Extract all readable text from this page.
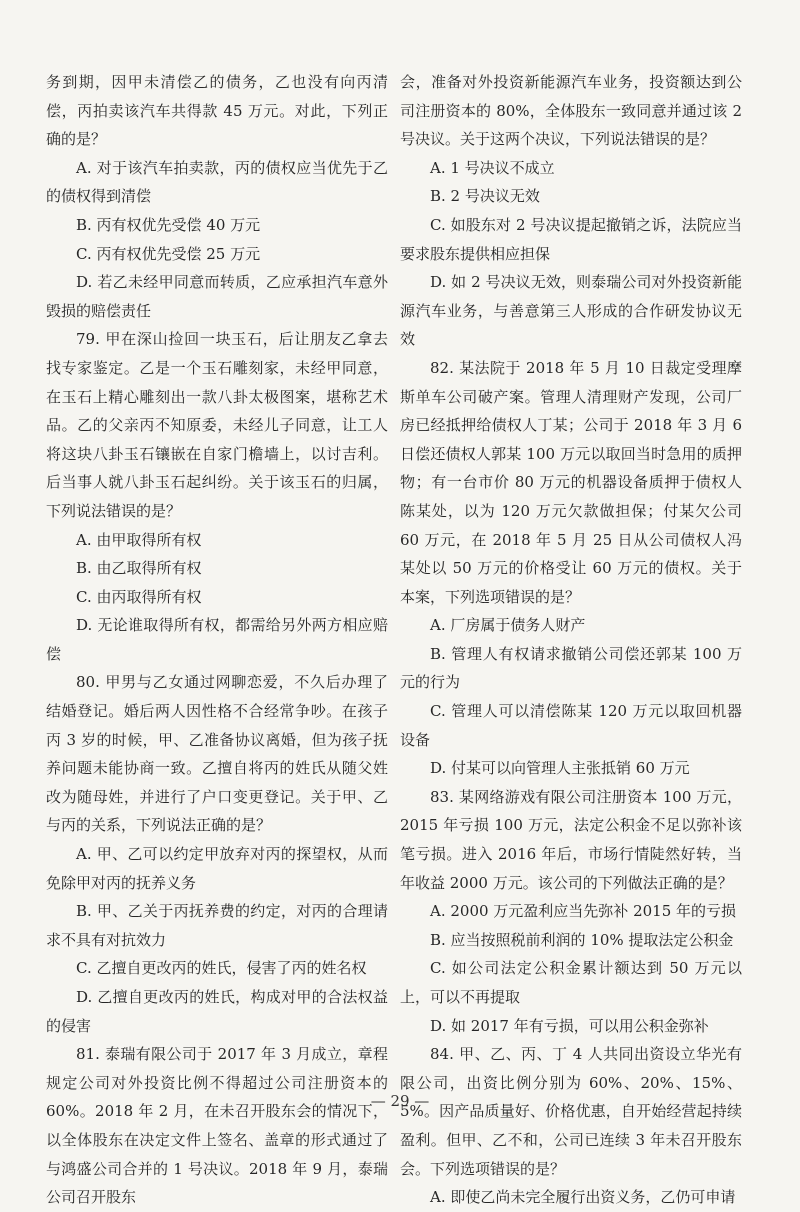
务到期，因甲未清偿乙的债务，乙也没有向丙清偿，丙拍卖该汽车共得款 45 万元。对此，下列正确的是？

A. 对于该汽车拍卖款，丙的债权应当优先于乙的债权得到清偿

B. 丙有权优先受偿 40 万元

C. 丙有权优先受偿 25 万元

D. 若乙未经甲同意而转质，乙应承担汽车意外毁损的赔偿责任

79. 甲在深山捡回一块玉石，后让朋友乙拿去找专家鉴定。乙是一个玉石雕刻家，未经甲同意，在玉石上精心雕刻出一款八卦太极图案，堪称艺术品。乙的父亲丙不知原委，未经儿子同意，让工人将这块八卦玉石镶嵌在自家门檐墙上，以讨吉利。后当事人就八卦玉石起纠纷。关于该玉石的归属，下列说法错误的是？

A. 由甲取得所有权

B. 由乙取得所有权

C. 由丙取得所有权

D. 无论谁取得所有权，都需给另外两方相应赔偿

80. 甲男与乙女通过网聊恋爱，不久后办理了结婚登记。婚后两人因性格不合经常争吵。在孩子丙 3 岁的时候，甲、乙准备协议离婚，但为孩子抚养问题未能协商一致。乙擅自将丙的姓氏从随父姓改为随母姓，并进行了户口变更登记。关于甲、乙与丙的关系，下列说法正确的是？

A. 甲、乙可以约定甲放弃对丙的探望权，从而免除甲对丙的抚养义务

B. 甲、乙关于丙抚养费的约定，对丙的合理请求不具有对抗效力

C. 乙擅自更改丙的姓氏，侵害了丙的姓名权

D. 乙擅自更改丙的姓氏，构成对甲的合法权益的侵害

81. 泰瑞有限公司于 2017 年 3 月成立，章程规定公司对外投资比例不得超过公司注册资本的 60%。2018 年 2 月，在未召开股东会的情况下，以全体股东在决定文件上签名、盖章的形式通过了与鸿盛公司合并的 1 号决议。2018 年 9 月，泰瑞公司召开股东

会，准备对外投资新能源汽车业务，投资额达到公司注册资本的 80%，全体股东一致同意并通过该 2 号决议。关于这两个决议，下列说法错误的是？

A. 1 号决议不成立

B. 2 号决议无效

C. 如股东对 2 号决议提起撤销之诉，法院应当要求股东提供相应担保

D. 如 2 号决议无效，则泰瑞公司对外投资新能源汽车业务，与善意第三人形成的合作研发协议无效

82. 某法院于 2018 年 5 月 10 日裁定受理摩斯单车公司破产案。管理人清理财产发现，公司厂房已经抵押给债权人丁某；公司于 2018 年 3 月 6 日偿还债权人郭某 100 万元以取回当时急用的质押物；有一台市价 80 万元的机器设备质押于债权人陈某处，以为 120 万元欠款做担保；付某欠公司 60 万元，在 2018 年 5 月 25 日从公司债权人冯某处以 50 万元的价格受让 60 万元的债权。关于本案，下列选项错误的是？

A. 厂房属于债务人财产

B. 管理人有权请求撤销公司偿还郭某 100 万元的行为

C. 管理人可以清偿陈某 120 万元以取回机器设备

D. 付某可以向管理人主张抵销 60 万元

83. 某网络游戏有限公司注册资本 100 万元，2015 年亏损 100 万元，法定公积金不足以弥补该笔亏损。进入 2016 年后，市场行情陡然好转，当年收益 2000 万元。该公司的下列做法正确的是？

A. 2000 万元盈利应当先弥补 2015 年的亏损

B. 应当按照税前利润的 10% 提取法定公积金

C. 如公司法定公积金累计额达到 50 万元以上，可以不再提取

D. 如 2017 年有亏损，可以用公积金弥补

84. 甲、乙、丙、丁 4 人共同出资设立华光有限公司，出资比例分别为 60%、20%、15%、5%。因产品质量好、价格优惠，自开始经营起持续盈利。但甲、乙不和，公司已连续 3 年未召开股东会。下列选项错误的是？

A. 即使乙尚未完全履行出资义务，乙仍可申请

— 29 —
